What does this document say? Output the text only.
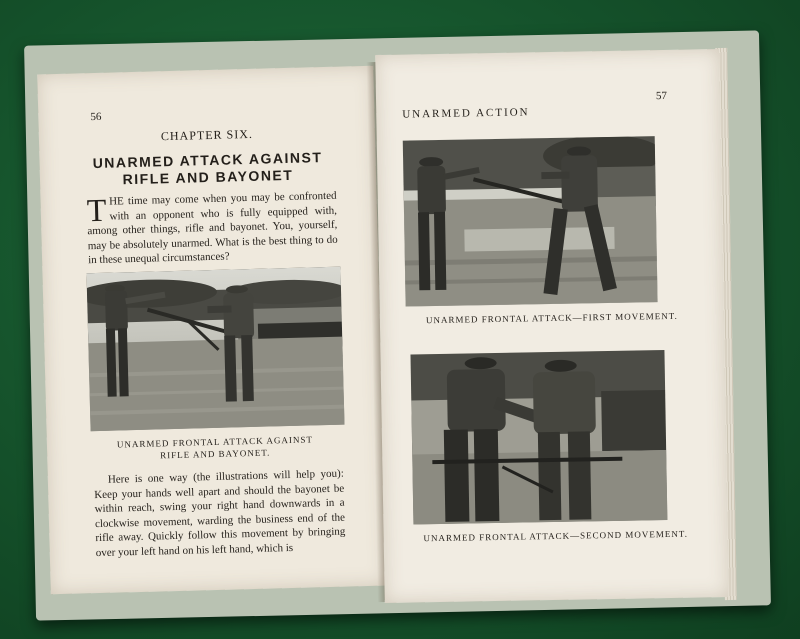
56
CHAPTER SIX.
UNARMED ATTACK AGAINST
RIFLE AND BAYONET
THE time may come when you may be confronted with an opponent who is fully equipped with, among other things, rifle and bayonet. You, yourself, may be absolutely unarmed. What is the best thing to do in these unequal circumstances?
UNARMED FRONTAL ATTACK AGAINST
RIFLE AND BAYONET.
Here is one way (the illustrations will help you): Keep your hands well apart and should the bayonet be within reach, swing your right hand downwards in a clockwise movement, warding the business end of the rifle away. Quickly follow this movement by bringing over your left hand on his left hand, which is
UNARMED ACTION
57
UNARMED FRONTAL ATTACK—FIRST MOVEMENT.
UNARMED FRONTAL ATTACK—SECOND MOVEMENT.
